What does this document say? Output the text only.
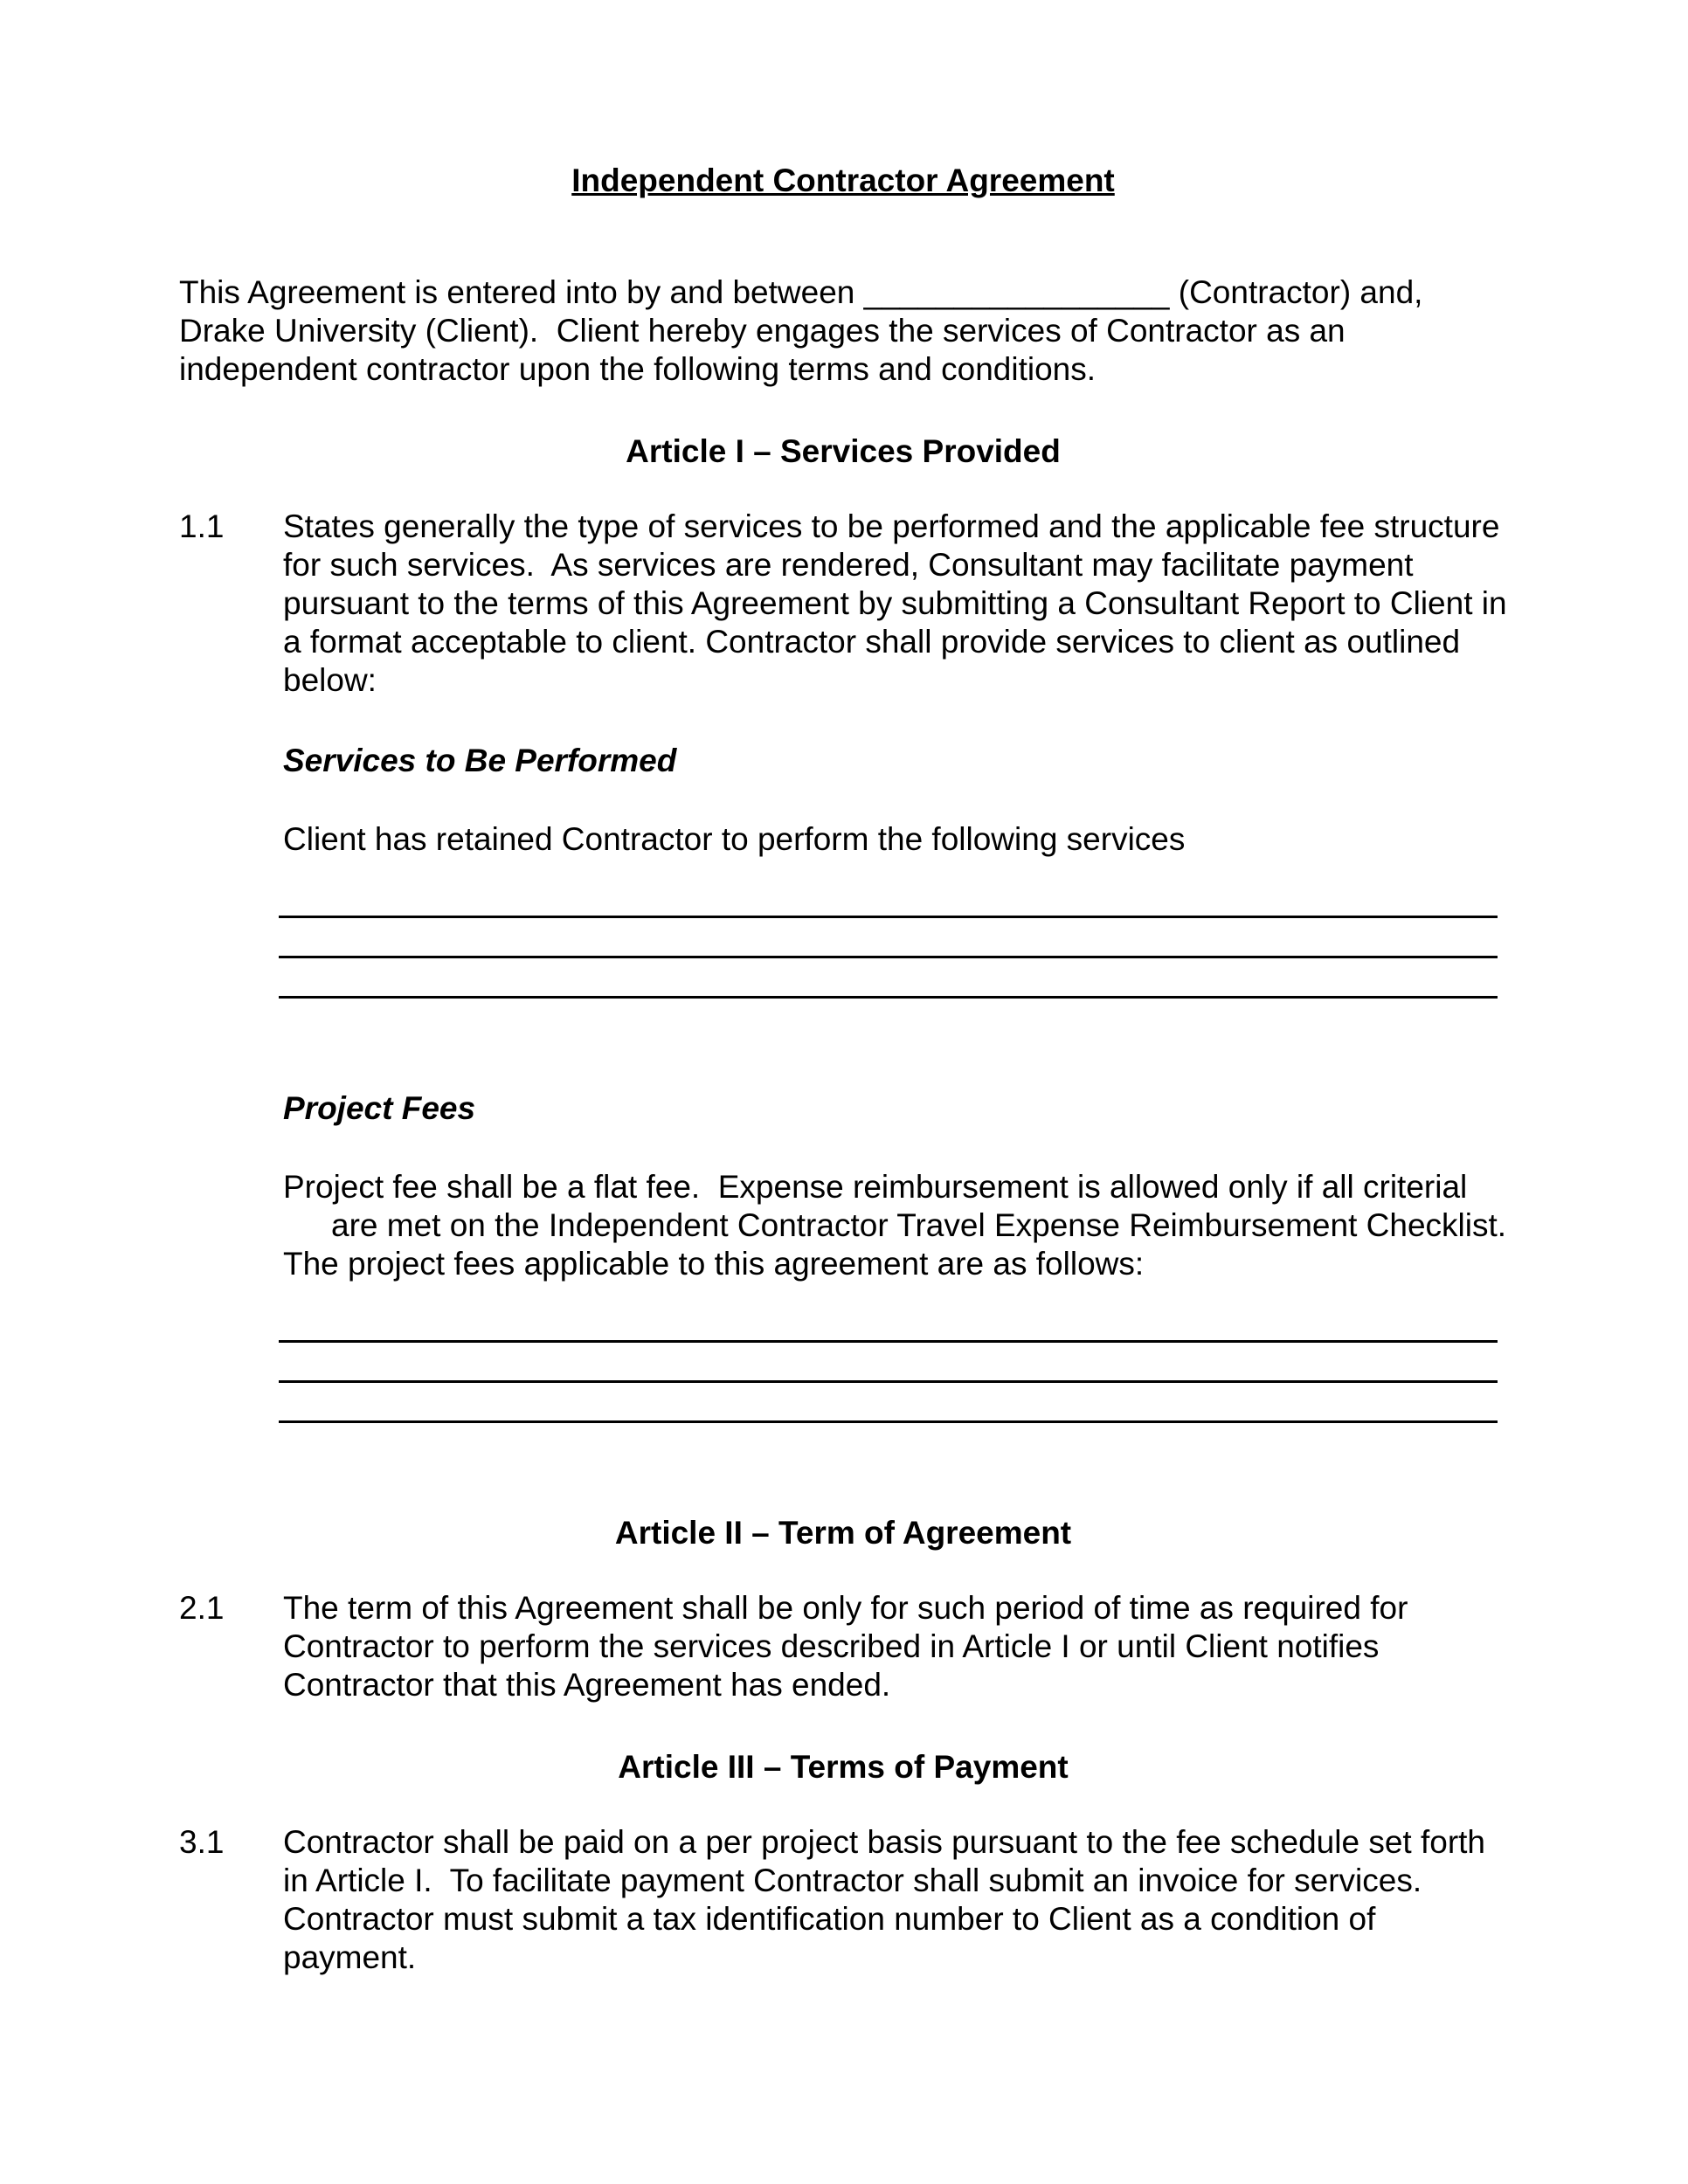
Independent Contractor Agreement

This Agreement is entered into by and between _________________ (Contractor) and, Drake University (Client).  Client hereby engages the services of Contractor as an independent contractor upon the following terms and conditions.

Article I – Services Provided
1.1	States generally the type of services to be performed and the applicable fee structure for such services.  As services are rendered, Consultant may facilitate payment pursuant to the terms of this Agreement by submitting a Consultant Report to Client in a format acceptable to client. Contractor shall provide services to client as outlined below:
Services to Be Performed

Client has retained Contractor to perform the following services

Project Fees

Project fee shall be a flat fee.  Expense reimbursement is allowed only if all criterial are met on the Independent Contractor Travel Expense Reimbursement Checklist.

The project fees applicable to this agreement are as follows:

Article II – Term of Agreement
2.1	The term of this Agreement shall be only for such period of time as required for Contractor to perform the services described in Article I or until Client notifies Contractor that this Agreement has ended.
Article III – Terms of Payment
3.1	Contractor shall be paid on a per project basis pursuant to the fee schedule set forth in Article I.  To facilitate payment Contractor shall submit an invoice for services. Contractor must submit a tax identification number to Client as a condition of payment.
